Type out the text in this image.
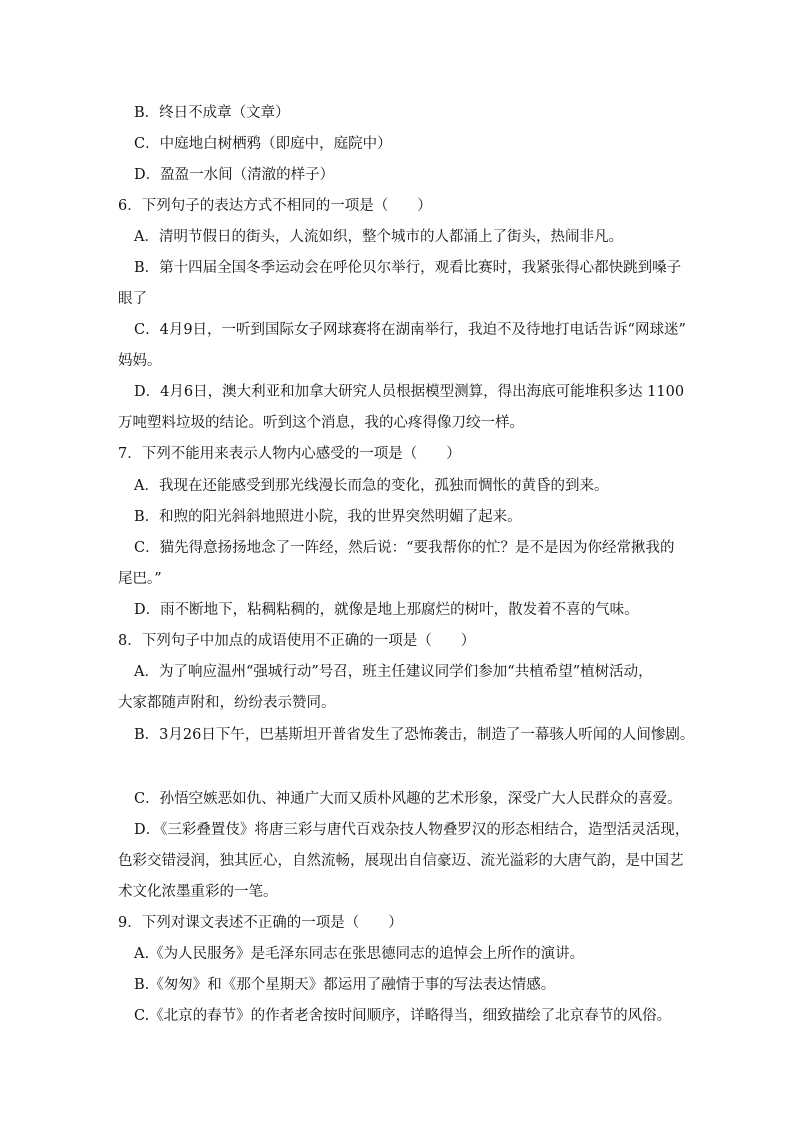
B．终日不成章（文章）
C．中庭地白树栖鸦（即庭中，庭院中）
D．盈盈一水间（清澈的样子）
6．下列句子的表达方式不相同的一项是（　　）
A．清明节假日的街头，人流如织，整个城市的人都涌上了街头，热闹非凡。
B．第十四届全国冬季运动会在呼伦贝尔举行，观看比赛时，我紧张得心都快跳到嗓子
眼了
C．4月9日，一听到国际女子网球赛将在湖南举行，我迫不及待地打电话告诉“网球迷”
妈妈。
D．4月6日，澳大利亚和加拿大研究人员根据模型测算，得出海底可能堆积多达 1100
万吨塑料垃圾的结论。听到这个消息，我的心疼得像刀绞一样。
7．下列不能用来表示人物内心感受的一项是（　　）
A．我现在还能感受到那光线漫长而急的变化，孤独而惆怅的黄昏的到来。
B．和煦的阳光斜斜地照进小院，我的世界突然明媚了起来。
C．猫先得意扬扬地念了一阵经，然后说：“要我帮你的忙？是不是因为你经常揪我的
尾巴。”
D．雨不断地下，粘稠粘稠的，就像是地上那腐烂的树叶，散发着不喜的气味。
8．下列句子中加点的成语使用不正确的一项是（　　）
A．为了响应温州“强城行动”号召，班主任建议同学们参加“共植希望”植树活动，
大家都随声附和，纷纷表示赞同。
B．3月26日下午，巴基斯坦开普省发生了恐怖袭击，制造了一幕骇人听闻的人间惨剧。
C．孙悟空嫉恶如仇、神通广大而又质朴风趣的艺术形象，深受广大人民群众的喜爱。
D．《三彩叠置伎》将唐三彩与唐代百戏杂技人物叠罗汉的形态相结合，造型活灵活现，
色彩交错浸润，独其匠心，自然流畅，展现出自信豪迈、流光溢彩的大唐气韵，是中国艺
术文化浓墨重彩的一笔。
9．下列对课文表述不正确的一项是（　　）
A.《为人民服务》是毛泽东同志在张思德同志的追悼会上所作的演讲。
B.《匆匆》和《那个星期天》都运用了融情于事的写法表达情感。
C.《北京的春节》的作者老舍按时间顺序，详略得当，细致描绘了北京春节的风俗。
